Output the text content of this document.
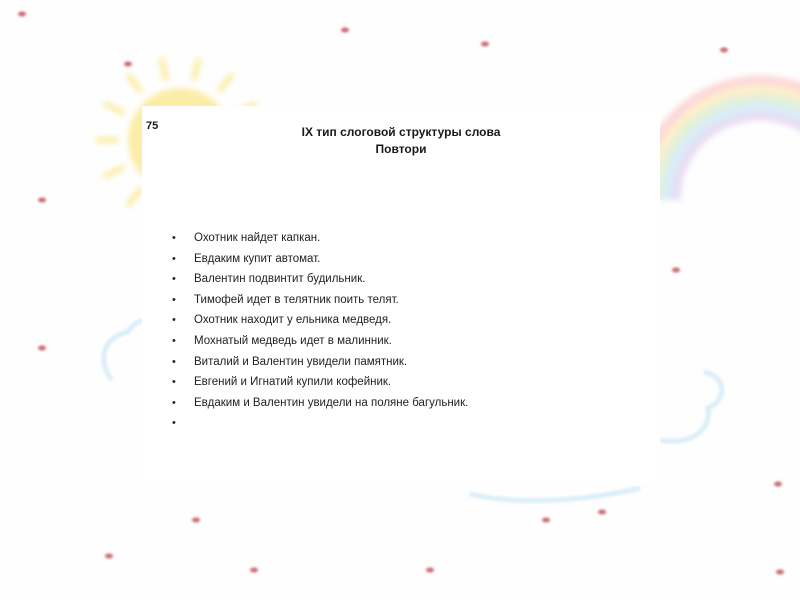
75	IX тип слоговой структуры слова
Повтори
• Охотник найдет капкан.
• Евдаким купит автомат.
• Валентин подвинтит будильник.
• Тимофей идет в телятник поить телят.
• Охотник находит у ельника медведя.
• Мохнатый медведь идет в малинник.
• Виталий и Валентин увидели памятник.
• Евгений и Игнатий купили кофейник.
• Евдаким и Валентин увидели на поляне багульник.
•
